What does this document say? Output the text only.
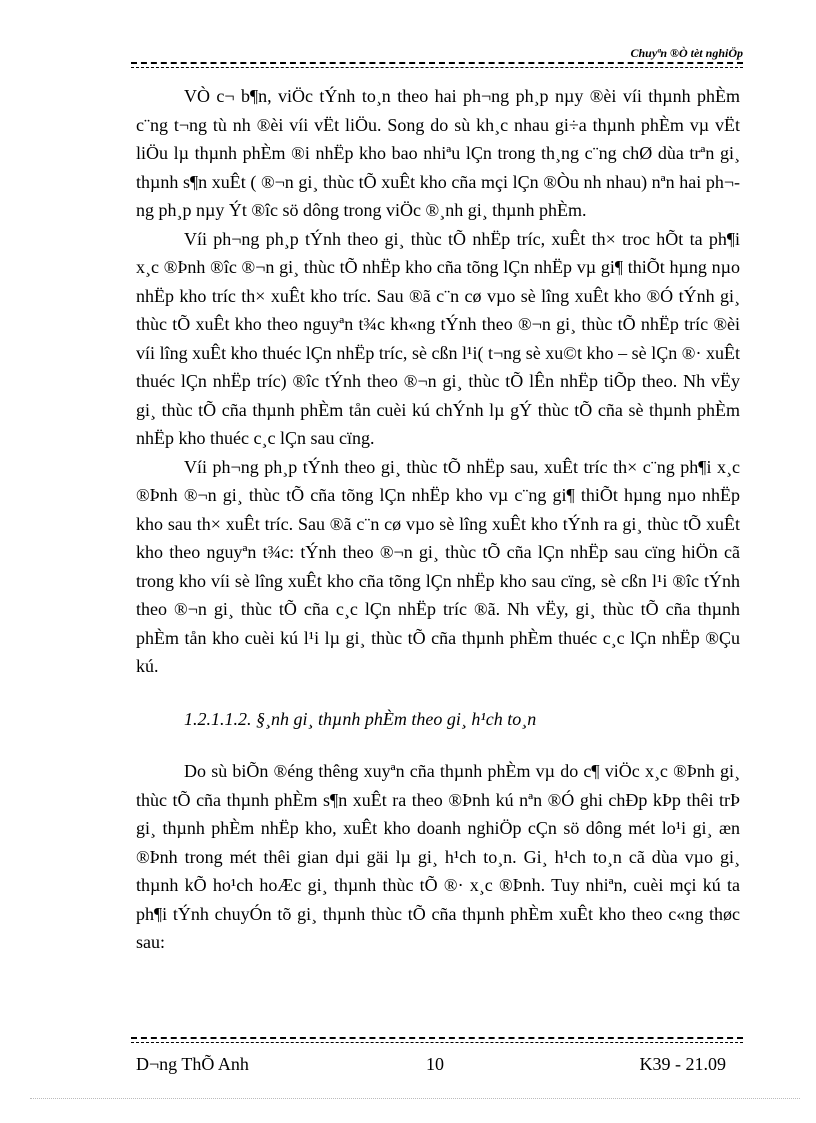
Chuyªn ®Ò tèt nghiÖp

VÒ c¬ b¶n, viÖc tÝnh to¸n theo hai ph¬ng ph¸p nµy ®èi víi thµnh phÈm c¨ng t¬ng tù nh ®èi víi vËt liÖu. Song do sù kh¸c nhau gi÷a thµnh phÈm vµ vËt liÖu lµ thµnh phÈm ®i nhËp kho bao nhiªu lÇn trong th¸ng c¨ng chØ dùa trªn gi¸ thµnh s¶n xuÊt ( ®¬n gi¸ thùc tÕ xuÊt kho cña mçi lÇn ®Òu nh nhau) nªn hai ph¬ng ph¸p nµy Ýt ®îc sö dông trong viÖc ®¸nh gi¸ thµnh phÈm.

Víi ph¬ng ph¸p tÝnh theo gi¸ thùc tÕ nhËp tríc, xuÊt th× troc hÕt ta ph¶i x¸c ®Þnh ®îc ®¬n gi¸ thùc tÕ nhËp kho cña tõng lÇn nhËp vµ gi¶ thiÕt hµng nµo nhËp kho tríc th× xuÊt kho tríc. Sau ®ã c¨n cø vµo sè lîng xuÊt kho ®Ó tÝnh gi¸ thùc tÕ xuÊt kho theo nguyªn t¾c kh«ng tÝnh theo ®¬n gi¸ thùc tÕ nhËp tríc ®èi víi lîng xuÊt kho thuéc lÇn nhËp tríc, sè cßn l¹i( t¬ng sè xu©t kho – sè lÇn ®· xuÊt thuéc lÇn nhËp tríc) ®îc tÝnh theo ®¬n gi¸ thùc tÕ lÊn nhËp tiÕp theo. Nh vËy gi¸ thùc tÕ cña thµnh phÈm tån cuèi kú chÝnh lµ gÝ thùc tÕ cña sè thµnh phÈm nhËp kho thuéc c¸c lÇn sau cïng.

Víi ph¬ng ph¸p tÝnh theo gi¸ thùc tÕ nhËp sau, xuÊt tríc th× c¨ng ph¶i x¸c ®Þnh ®¬n gi¸ thùc tÕ cña tõng lÇn nhËp kho vµ c¨ng gi¶ thiÕt hµng nµo nhËp kho sau th× xuÊt tríc. Sau ®ã c¨n cø vµo sè lîng xuÊt kho tÝnh ra gi¸ thùc tÕ xuÊt kho theo nguyªn t¾c: tÝnh theo ®¬n gi¸ thùc tÕ cña lÇn nhËp sau cïng hiÖn cã trong kho víi sè lîng xuÊt kho cña tõng lÇn nhËp kho sau cïng, sè cßn l¹i ®îc tÝnh theo ®¬n gi¸ thùc tÕ cña c¸c lÇn nhËp tríc ®ã. Nh vËy, gi¸ thùc tÕ cña thµnh phÈm tån kho cuèi kú l¹i lµ gi¸ thùc tÕ cña thµnh phÈm thuéc c¸c lÇn nhËp ®Çu kú.

1.2.1.1.2. §¸nh gi¸ thµnh phÈm theo gi¸ h¹ch to¸n

Do sù biÕn ®éng thêng xuyªn cña thµnh phÈm vµ do c¶ viÖc x¸c ®Þnh gi¸ thùc tÕ cña thµnh phÈm s¶n xuÊt ra theo ®Þnh kú nªn ®Ó ghi chÐp kÞp thêi trÞ gi¸ thµnh phÈm nhËp kho, xuÊt kho doanh nghiÖp cÇn sö dông mét lo¹i gi¸ æn ®Þnh trong mét thêi gian dµi gäi lµ gi¸ h¹ch to¸n. Gi¸ h¹ch to¸n cã dùa vµo gi¸ thµnh kÕ ho¹ch hoÆc gi¸ thµnh thùc tÕ ®· x¸c ®Þnh. Tuy nhiªn, cuèi mçi kú ta ph¶i tÝnh chuyÓn tõ gi¸ thµnh thùc tÕ cña thµnh phÈm xuÊt kho theo c«ng thøc sau:

D¬ng ThÕ Anh	10	K39 - 21.09
